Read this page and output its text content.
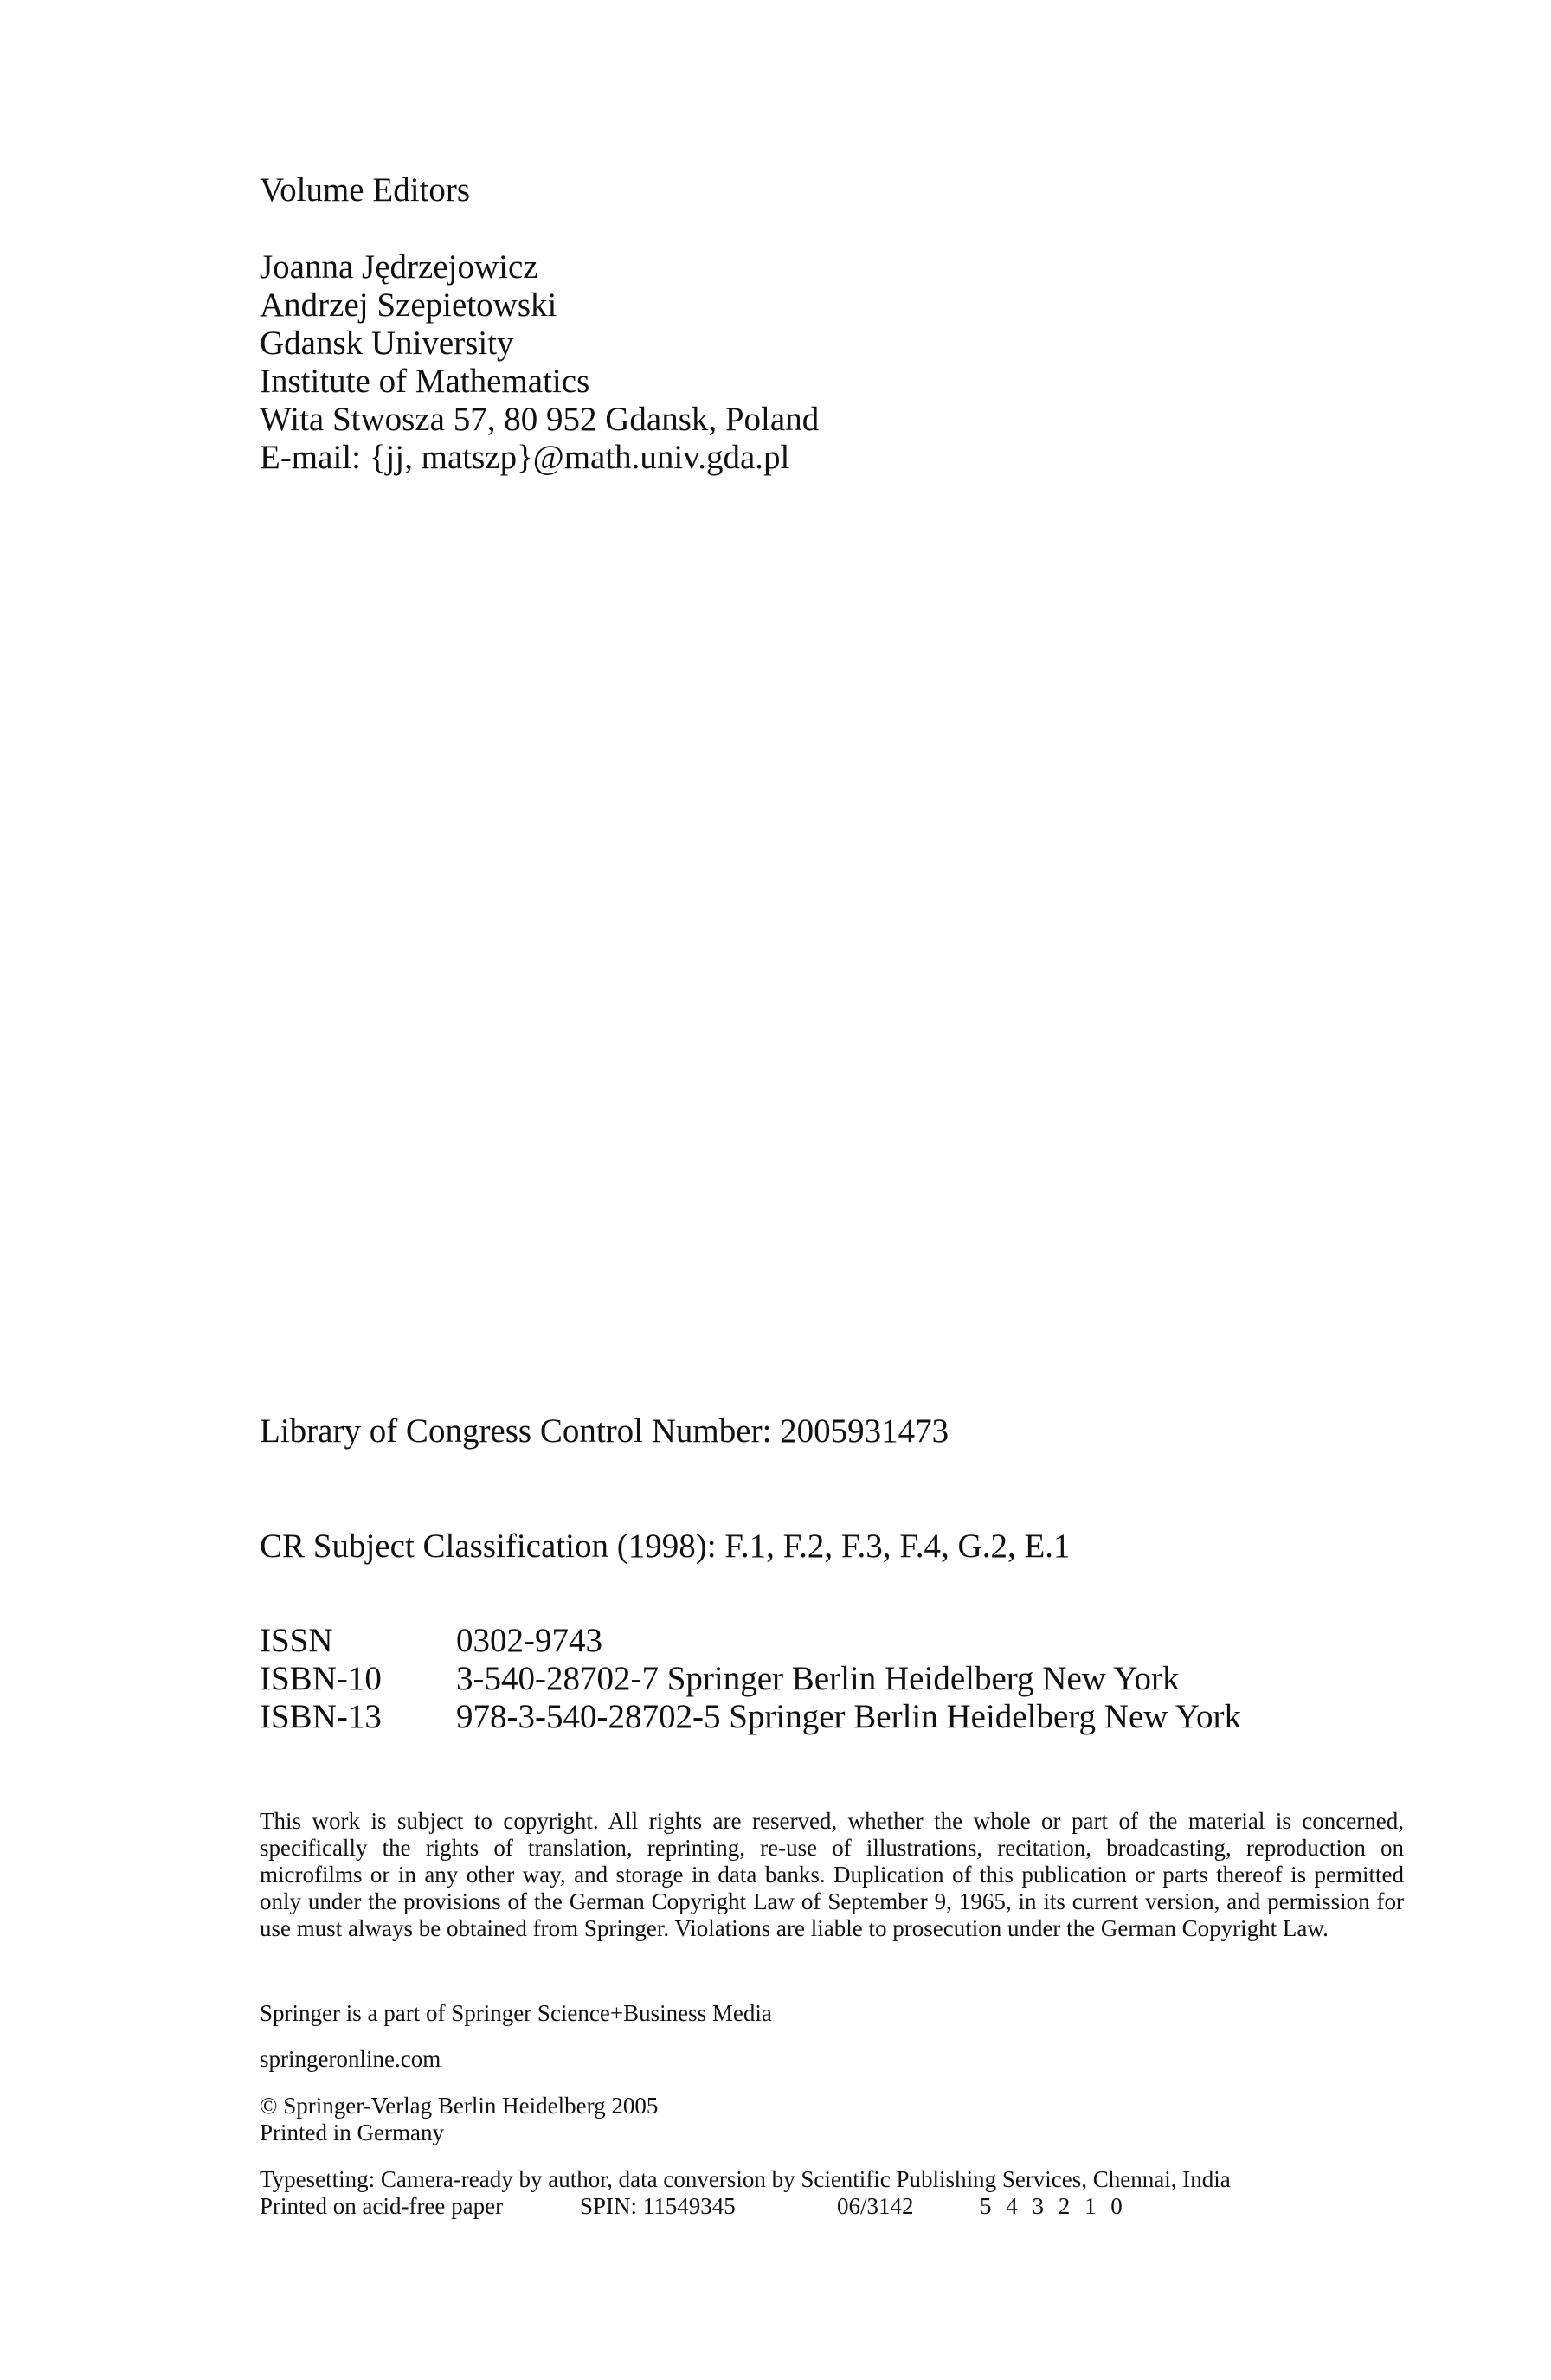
Volume Editors
Joanna Jędrzejowicz
Andrzej Szepietowski
Gdansk University
Institute of Mathematics
Wita Stwosza 57, 80 952 Gdansk, Poland
E-mail: {jj, matszp}@math.univ.gda.pl
Library of Congress Control Number: 2005931473
CR Subject Classification (1998): F.1, F.2, F.3, F.4, G.2, E.1
ISSN	0302-9743
ISBN-10	3-540-28702-7 Springer Berlin Heidelberg New York
ISBN-13	978-3-540-28702-5 Springer Berlin Heidelberg New York
This work is subject to copyright. All rights are reserved, whether the whole or part of the material is concerned, specifically the rights of translation, reprinting, re-use of illustrations, recitation, broadcasting, reproduction on microfilms or in any other way, and storage in data banks. Duplication of this publication or parts thereof is permitted only under the provisions of the German Copyright Law of September 9, 1965, in its current version, and permission for use must always be obtained from Springer. Violations are liable to prosecution under the German Copyright Law.
Springer is a part of Springer Science+Business Media
springeronline.com
© Springer-Verlag Berlin Heidelberg 2005
Printed in Germany
Typesetting: Camera-ready by author, data conversion by Scientific Publishing Services, Chennai, India
Printed on acid-free paper	SPIN: 11549345	06/3142	5 4 3 2 1 0
